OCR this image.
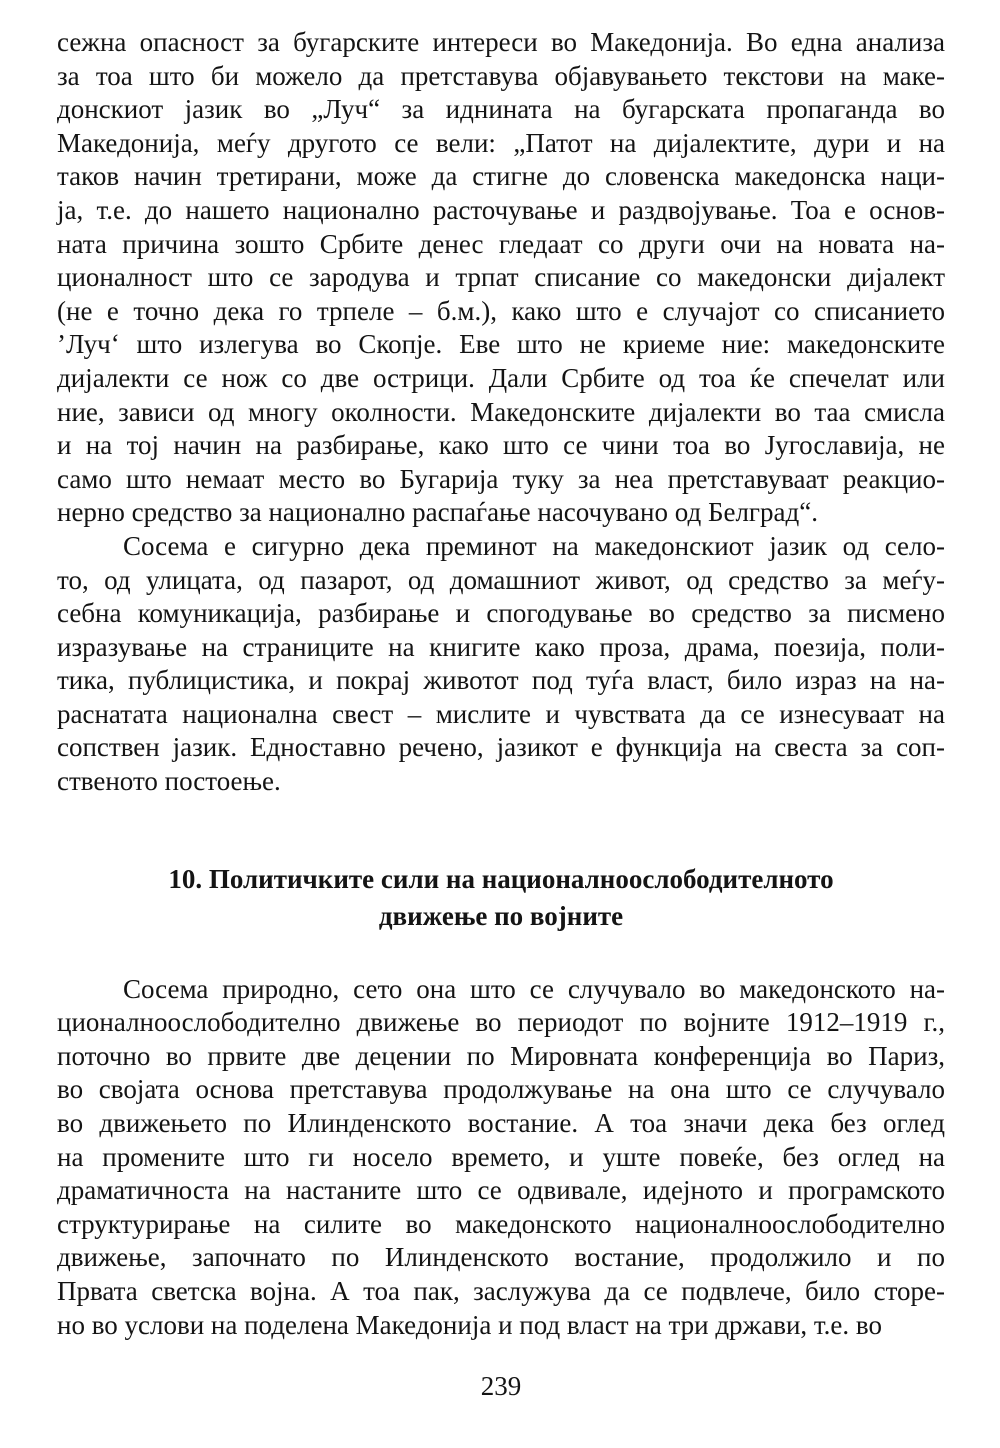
сежна опасност за бугарските интереси во Македонија. Во една анализа
за тоа што би можело да претставува објавувањето текстови на маке-
донскиот јазик во „Луч“ за иднината на бугарската пропаганда во
Македонија, меѓу другото се вели: „Патот на дијалектите, дури и на
таков начин третирани, може да стигне до словенска македонска наци-
ја, т.е. до нашето национално расточување и раздвојување. Тоа е основ-
ната причина зошто Србите денес гледаат со други очи на новата на-
ционалност што се зародува и трпат списание со македонски дијалект
(не е точно дека го трпеле – б.м.), како што е случајот со списанието
’Луч‘ што излегува во Скопје. Еве што не криеме ние: македонските
дијалекти се нож со две острици. Дали Србите од тоа ќе спечелат или
ние, зависи од многу околности. Македонските дијалекти во таа смисла
и на тој начин на разбирање, како што се чини тоа во Југославија, не
само што немаат место во Бугарија туку за неа претставуваат реакцио-
нерно средство за национално распаѓање насочувано од Белград“.
Сосема е сигурно дека преминот на македонскиот јазик од село-
то, од улицата, од пазарот, од домашниот живот, од средство за меѓу-
себна комуникација, разбирање и спогодување во средство за писмено
изразување на страниците на книгите како проза, драма, поезија, поли-
тика, публицистика, и покрај животот под туѓа власт, било израз на на-
раснатата национална свест – мислите и чувствата да се изнесуваат на
сопствен јазик. Едноставно речено, јазикот е функција на свеста за соп-
ственото постоење.
10. Политичките сили на националноослободителното
движење по војните
Сосема природно, сето она што се случувало во македонското на-
ционалноослободително движење во периодот по војните 1912–1919 г.,
поточно во првите две децении по Мировната конференција во Париз,
во својата основа претставува продолжување на она што се случувало
во движењето по Илинденското востание. А тоа значи дека без оглед
на промените што ги носело времето, и уште повеќе, без оглед на
драматичноста на настаните што се одвивале, идејното и програмското
структурирање на силите во македонското националноослободително
движење, започнато по Илинденското востание, продолжило и по
Првата светска војна. А тоа пак, заслужува да се подвлече, било сторе-
но во услови на поделена Македонија и под власт на три држави, т.е. во
239
